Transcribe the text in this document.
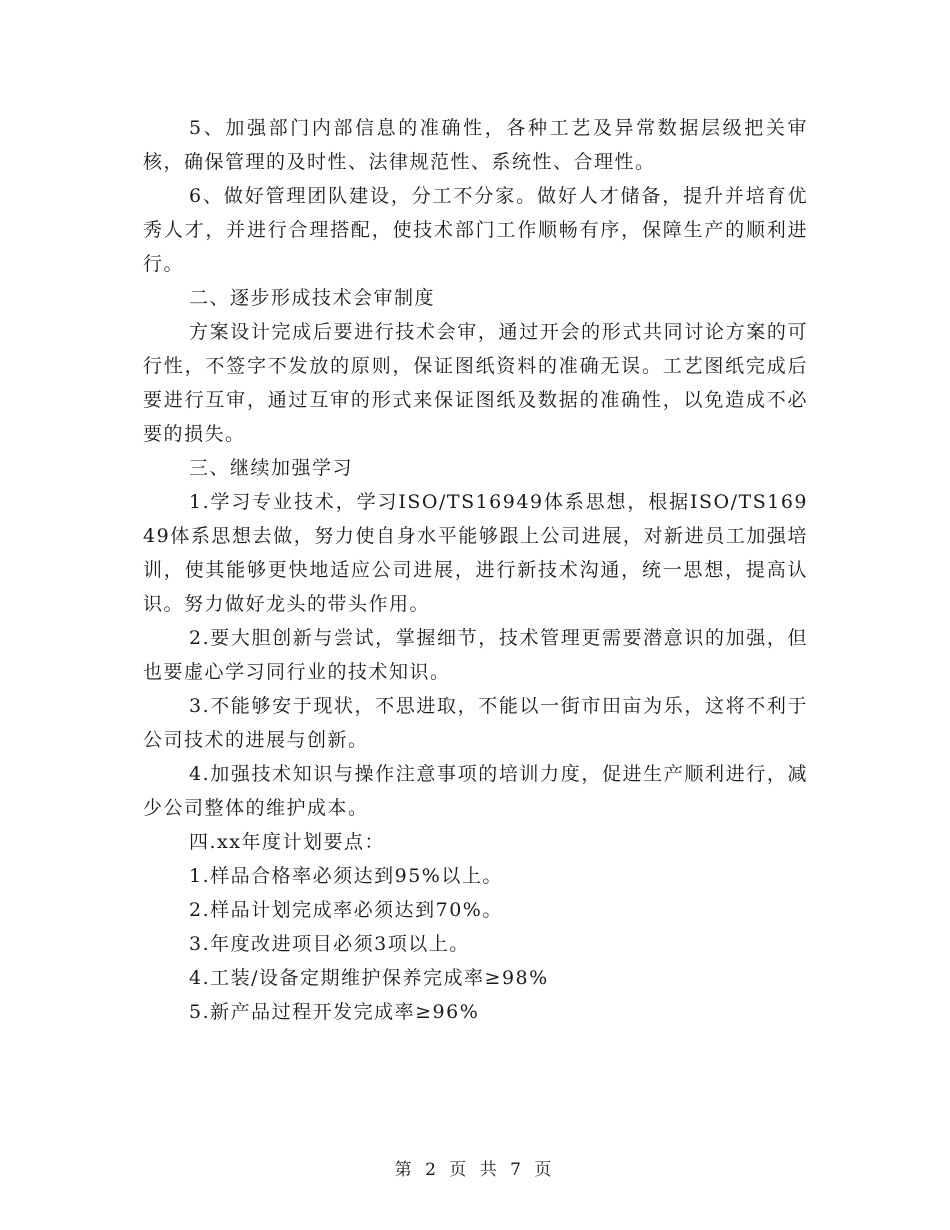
5、加强部门内部信息的准确性，各种工艺及异常数据层级把关审核，确保管理的及时性、法律规范性、系统性、合理性。

6、做好管理团队建设，分工不分家。做好人才储备，提升并培育优秀人才，并进行合理搭配，使技术部门工作顺畅有序，保障生产的顺利进行。

二、逐步形成技术会审制度

方案设计完成后要进行技术会审，通过开会的形式共同讨论方案的可行性，不签字不发放的原则，保证图纸资料的准确无误。工艺图纸完成后要进行互审，通过互审的形式来保证图纸及数据的准确性，以免造成不必要的损失。

三、继续加强学习

1.学习专业技术，学习ISO/TS16949体系思想，根据ISO/TS16949体系思想去做，努力使自身水平能够跟上公司进展，对新进员工加强培训，使其能够更快地适应公司进展，进行新技术沟通，统一思想，提高认识。努力做好龙头的带头作用。

2.要大胆创新与尝试，掌握细节，技术管理更需要潜意识的加强，但也要虚心学习同行业的技术知识。

3.不能够安于现状，不思进取，不能以一街市田亩为乐，这将不利于公司技术的进展与创新。

4.加强技术知识与操作注意事项的培训力度，促进生产顺利进行，减少公司整体的维护成本。

四.xx年度计划要点：

1.样品合格率必须达到95%以上。

2.样品计划完成率必须达到70%。

3.年度改进项目必须3项以上。

4.工装/设备定期维护保养完成率≥98%

5.新产品过程开发完成率≥96%

第 2 页 共 7 页
